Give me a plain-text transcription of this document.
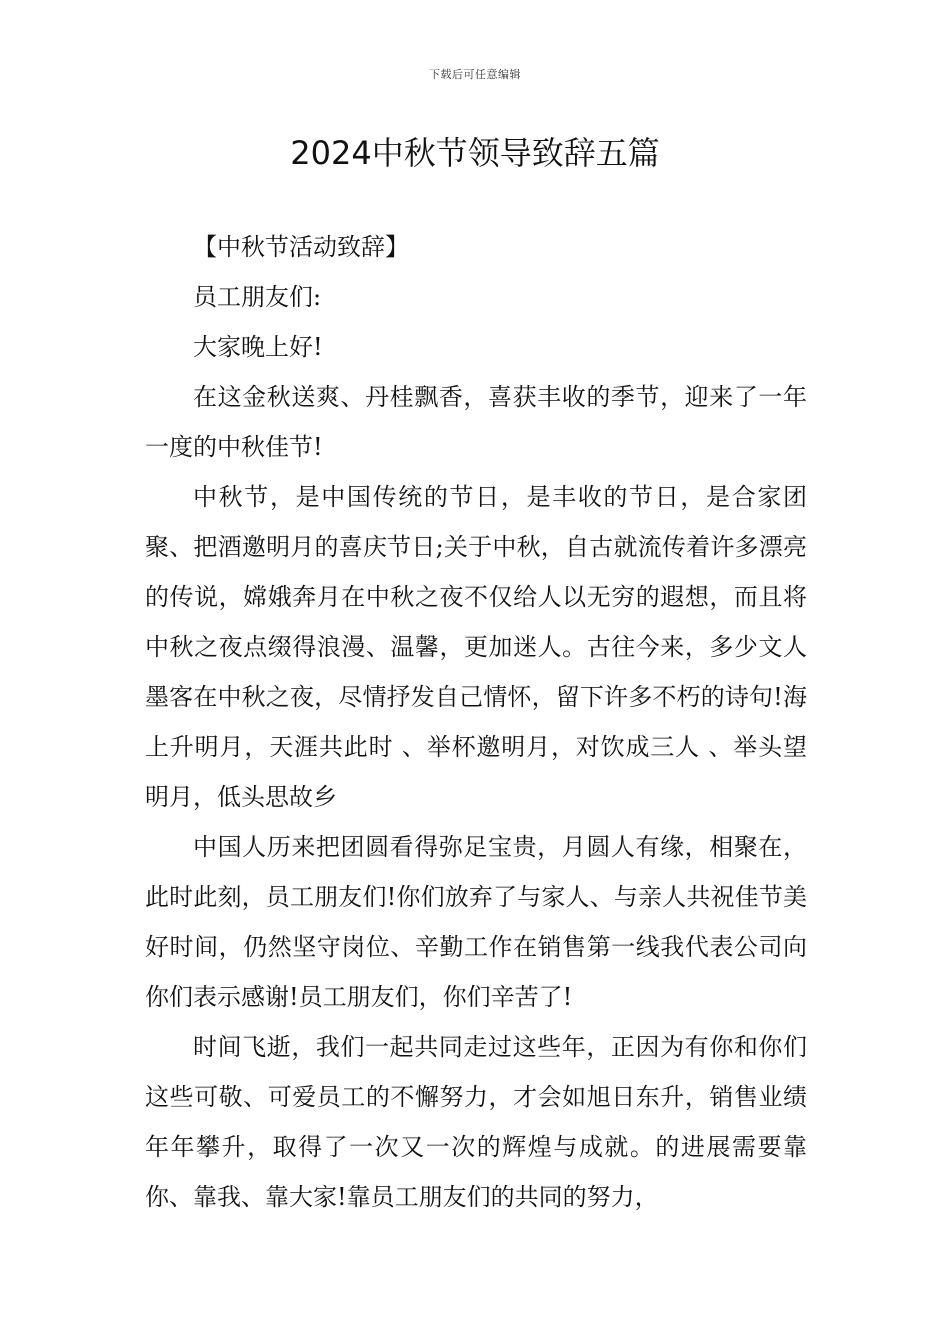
下载后可任意编辑
2024中秋节领导致辞五篇

【中秋节活动致辞】

员工朋友们:

大家晚上好!

在这金秋送爽、丹桂飘香，喜获丰收的季节，迎来了一年一度的中秋佳节!

中秋节，是中国传统的节日，是丰收的节日，是合家团聚、把酒邀明月的喜庆节日;关于中秋，自古就流传着许多漂亮的传说，嫦娥奔月在中秋之夜不仅给人以无穷的遐想，而且将中秋之夜点缀得浪漫、温馨，更加迷人。古往今来，多少文人墨客在中秋之夜，尽情抒发自己情怀，留下许多不朽的诗句!海上升明月，天涯共此时 、举杯邀明月，对饮成三人 、举头望明月，低头思故乡

中国人历来把团圆看得弥足宝贵，月圆人有缘，相聚在，此时此刻，员工朋友们!你们放弃了与家人、与亲人共祝佳节美好时间，仍然坚守岗位、辛勤工作在销售第一线我代表公司向你们表示感谢!员工朋友们，你们辛苦了!

时间飞逝，我们一起共同走过这些年，正因为有你和你们这些可敬、可爱员工的不懈努力，才会如旭日东升，销售业绩年年攀升，取得了一次又一次的辉煌与成就。的进展需要靠你、靠我、靠大家!靠员工朋友们的共同的努力，
